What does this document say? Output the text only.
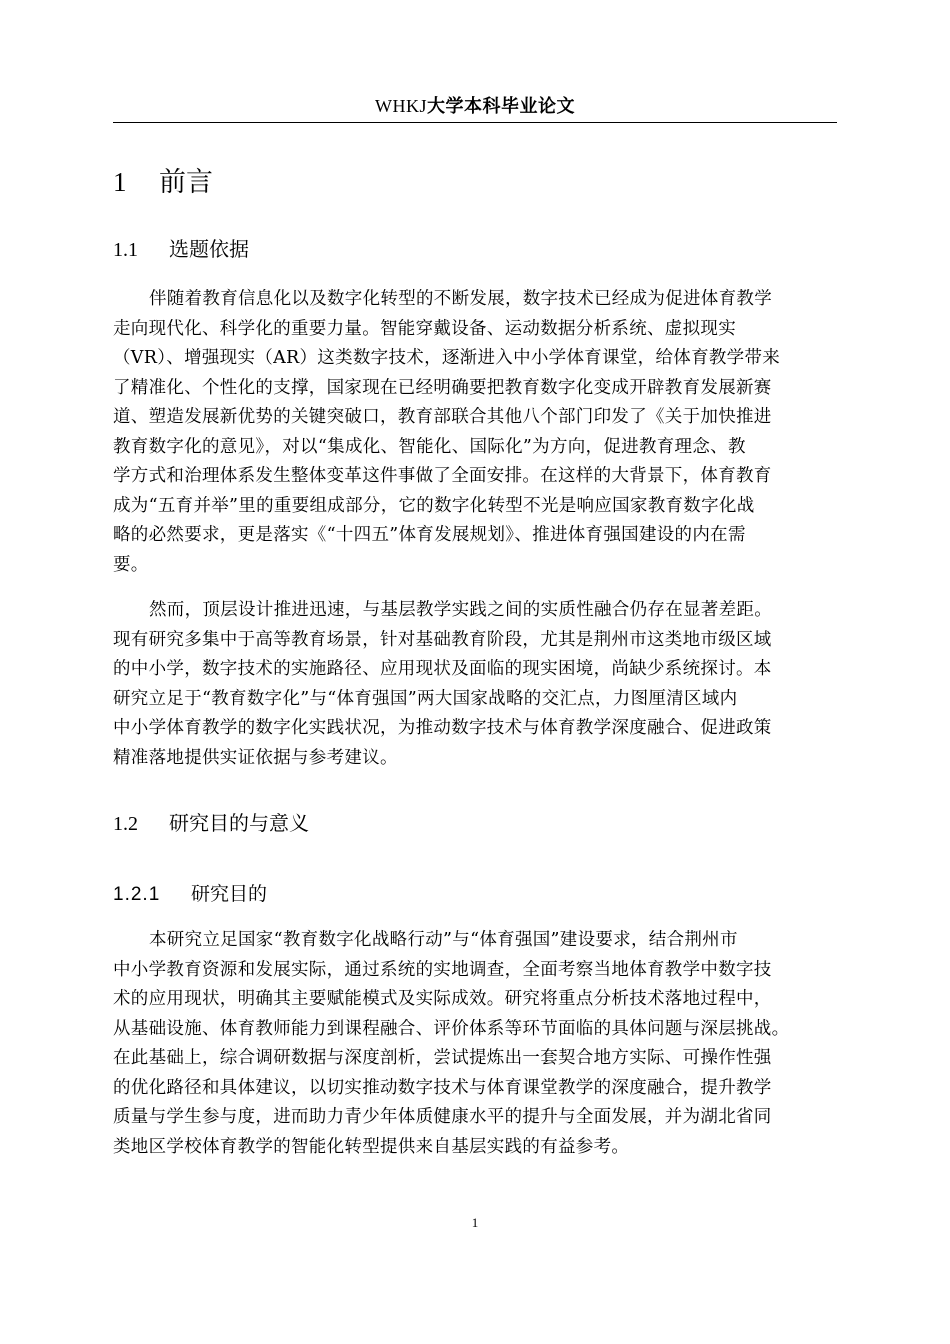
WHKJ大学本科毕业论文
1 前言
1.1 选题依据
伴随着教育信息化以及数字化转型的不断发展，数字技术已经成为促进体育教学
走向现代化、科学化的重要力量。智能穿戴设备、运动数据分析系统、虚拟现实
（VR）、增强现实（AR）这类数字技术，逐渐进入中小学体育课堂，给体育教学带来
了精准化、个性化的支撑，国家现在已经明确要把教育数字化变成开辟教育发展新赛
道、塑造发展新优势的关键突破口，教育部联合其他八个部门印发了《关于加快推进
教育数字化的意见》，对以“集成化、智能化、国际化”为方向，促进教育理念、教
学方式和治理体系发生整体变革这件事做了全面安排。在这样的大背景下，体育教育
成为“五育并举”里的重要组成部分，它的数字化转型不光是响应国家教育数字化战
略的必然要求，更是落实《“十四五”体育发展规划》、推进体育强国建设的内在需
要。
然而，顶层设计推进迅速，与基层教学实践之间的实质性融合仍存在显著差距。
现有研究多集中于高等教育场景，针对基础教育阶段，尤其是荆州市这类地市级区域
的中小学，数字技术的实施路径、应用现状及面临的现实困境，尚缺少系统探讨。本
研究立足于“教育数字化”与“体育强国”两大国家战略的交汇点，力图厘清区域内
中小学体育教学的数字化实践状况，为推动数字技术与体育教学深度融合、促进政策
精准落地提供实证依据与参考建议。
1.2 研究目的与意义
1.2.1 研究目的
本研究立足国家“教育数字化战略行动”与“体育强国”建设要求，结合荆州市
中小学教育资源和发展实际，通过系统的实地调查，全面考察当地体育教学中数字技
术的应用现状，明确其主要赋能模式及实际成效。研究将重点分析技术落地过程中，
从基础设施、体育教师能力到课程融合、评价体系等环节面临的具体问题与深层挑战。
在此基础上，综合调研数据与深度剖析，尝试提炼出一套契合地方实际、可操作性强
的优化路径和具体建议，以切实推动数字技术与体育课堂教学的深度融合，提升教学
质量与学生参与度，进而助力青少年体质健康水平的提升与全面发展，并为湖北省同
类地区学校体育教学的智能化转型提供来自基层实践的有益参考。
1
